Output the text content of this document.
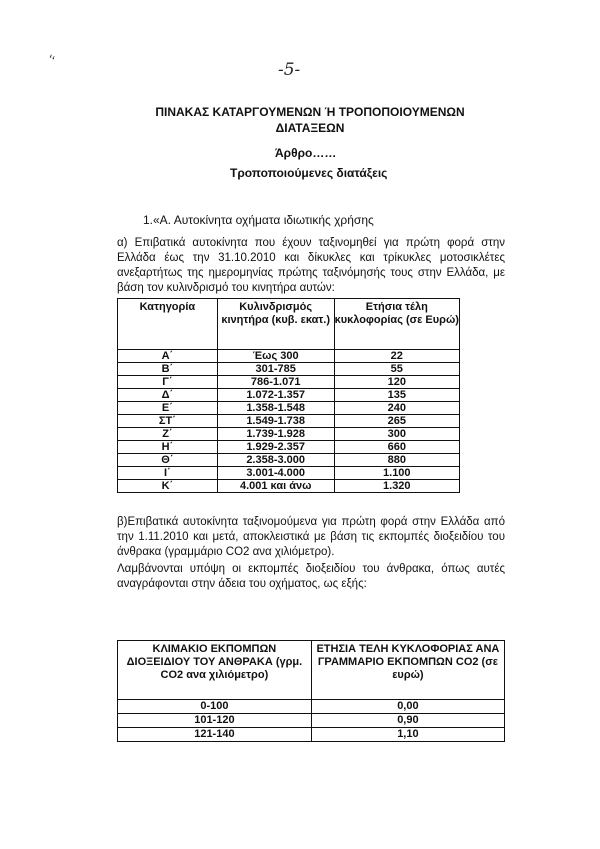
ʻ‘
-5-
ΠΙΝΑΚΑΣ ΚΑΤΑΡΓΟΥΜΕΝΩΝ Ή ΤΡΟΠΟΠΟΙΟΥΜΕΝΩΝ ΔΙΑΤΑΞΕΩΝ
Άρθρο……
Τροποποιούμενες διατάξεις
1.«Α. Αυτοκίνητα οχήματα ιδιωτικής χρήσης
α) Επιβατικά αυτοκίνητα που έχουν ταξινομηθεί για πρώτη φορά στην Ελλάδα έως την 31.10.2010 και δίκυκλες και τρίκυκλες μοτοσικλέτες ανεξαρτήτως της ημερομηνίας πρώτης ταξινόμησής τους στην Ελλάδα, με βάση τον κυλινδρισμό του κινητήρα αυτών:
Κατηγορία	Κυλινδρισμός κινητήρα (κυβ. εκατ.)	Ετήσια τέλη κυκλοφορίας (σε Ευρώ)
Α΄	Έως 300	22
Β΄	301-785	55
Γ΄	786-1.071	120
Δ΄	1.072-1.357	135
Ε΄	1.358-1.548	240
ΣΤ΄	1.549-1.738	265
Ζ΄	1.739-1.928	300
Η΄	1.929-2.357	660
Θ΄	2.358-3.000	880
Ι΄	3.001-4.000	1.100
Κ΄	4.001 και άνω	1.320
β)Επιβατικά αυτοκίνητα ταξινομούμενα για πρώτη φορά στην Ελλάδα από την 1.11.2010 και μετά, αποκλειστικά με βάση τις εκπομπές διοξειδίου του άνθρακα (γραμμάριο CO2 ανα χιλιόμετρο).
Λαμβάνονται υπόψη οι εκπομπές διοξειδίου του άνθρακα, όπως αυτές αναγράφονται στην άδεια του οχήματος, ως εξής:
ΚΛΙΜΑΚΙΟ ΕΚΠΟΜΠΩΝ ΔΙΟΞΕΙΔΙΟΥ ΤΟΥ ΑΝΘΡΑΚΑ (γρμ. CO2 ανα χιλιόμετρο)	ΕΤΗΣΙΑ ΤΕΛΗ ΚΥΚΛΟΦΟΡΙΑΣ ΑΝΑ ΓΡΑΜΜΑΡΙΟ ΕΚΠΟΜΠΩΝ CO2 (σε ευρώ)
0-100	0,00
101-120	0,90
121-140	1,10
